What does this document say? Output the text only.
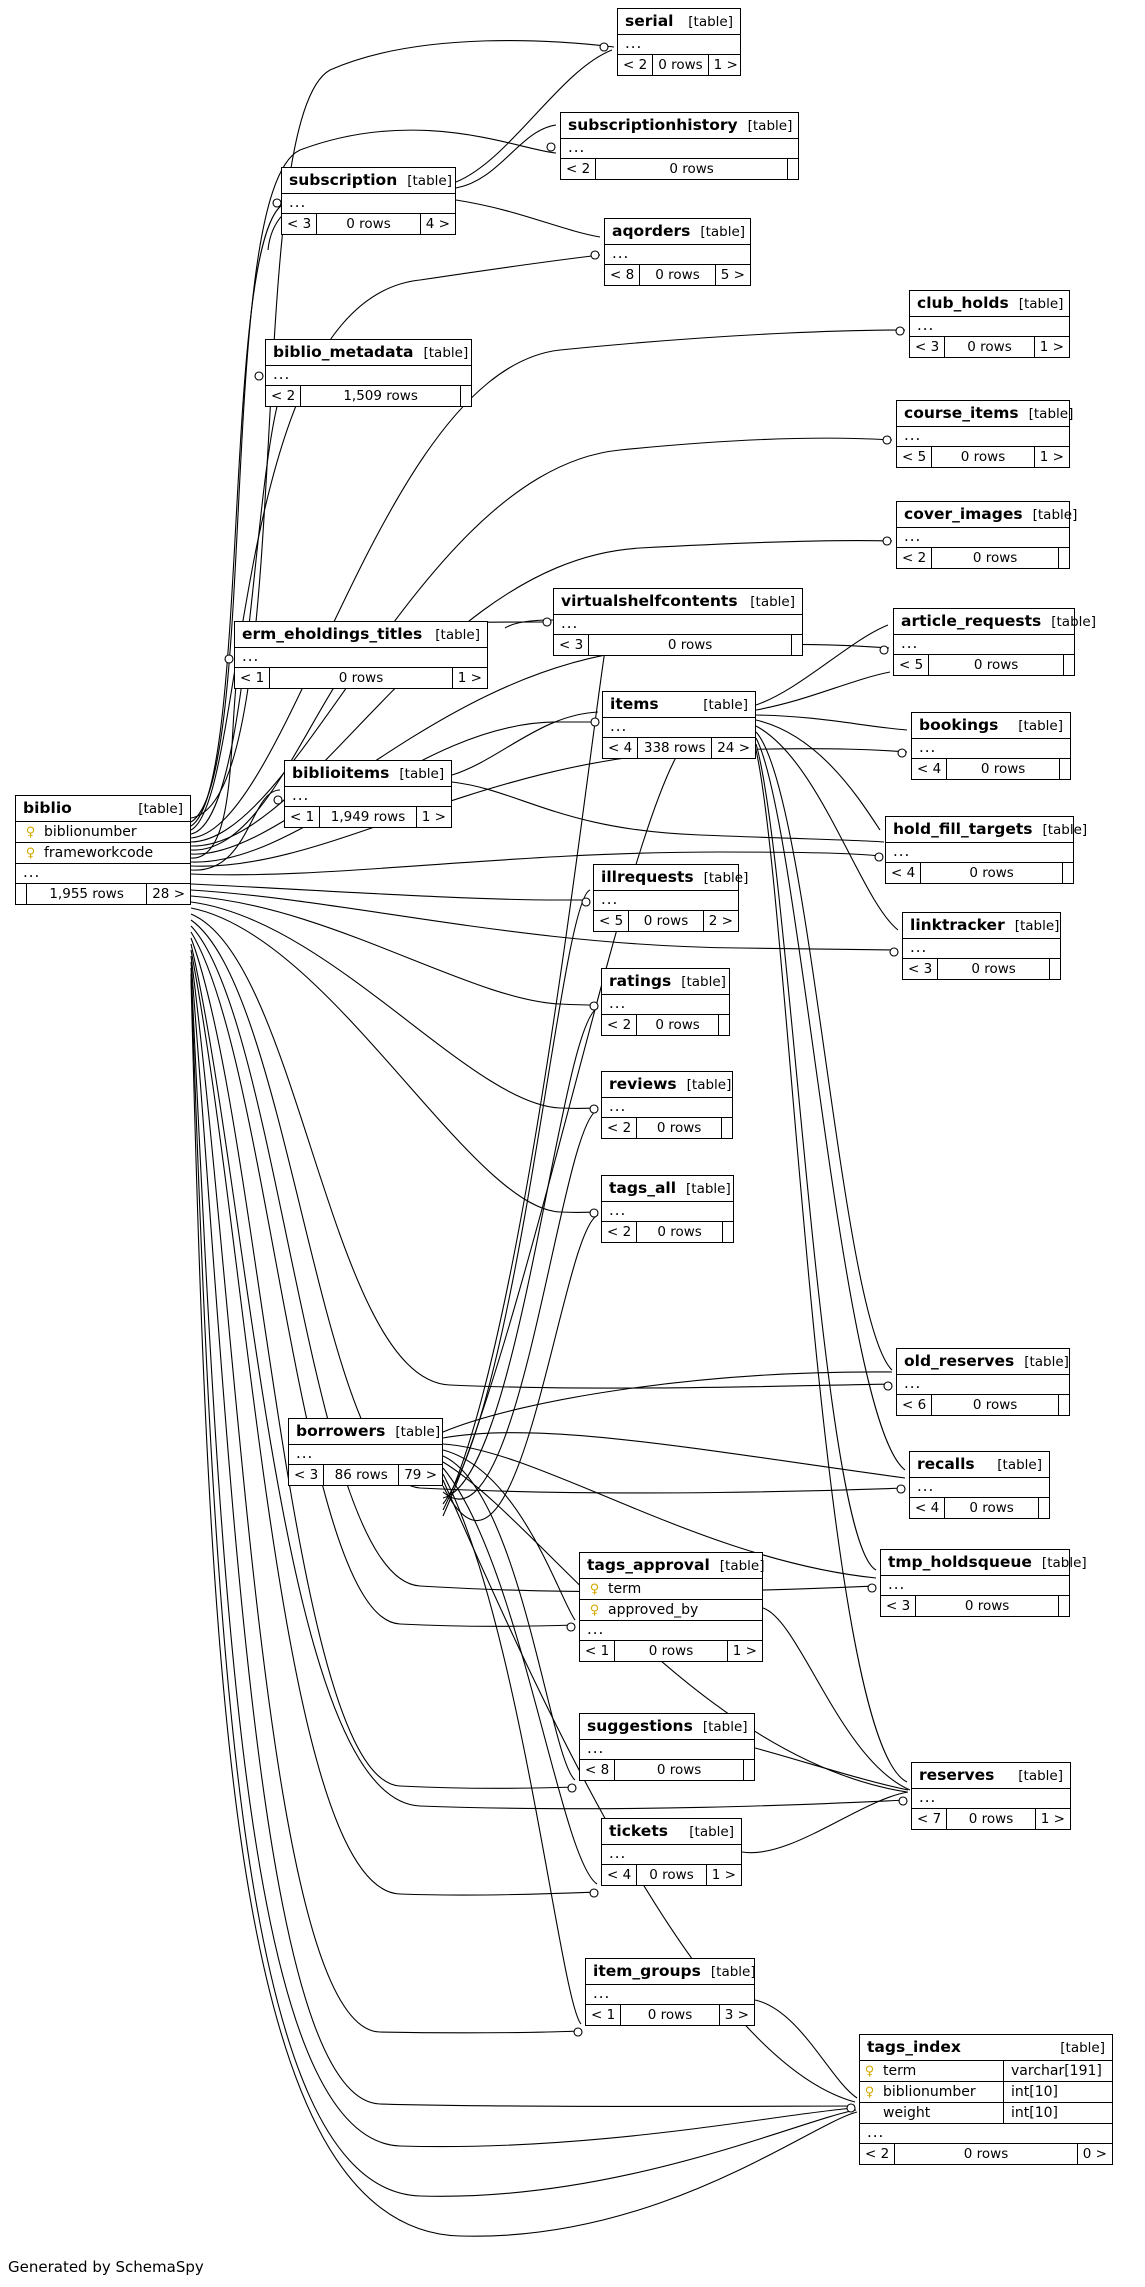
serial	[table]
...
< 2 0 rows 1 >
subscriptionhistory [table]
...
< 2	0 rows
subscription [table]
...
< 3	0 rows	4 >	aqorders [table]
...
< 8	0 rows	5 >
club_holds [table]
...
< 3	0 rows	1 >
biblio_metadata [table]
...
< 2	1,509 rows
course_items [table]
...
< 5	0 rows	1 >
cover_images [table]
...
< 2	0 rows
virtualshelfcontents [table]
...
< 3	0 rows
article_requests [table]
...
< 5	0 rows
erm_eholdings_titles [table]
...
< 1	0 rows	1 >
items	[table]
...
< 4 338 rows 24 >
bookings	[table]
...
< 4	0 rows
biblioitems [table]
...
< 1	1,949 rows	1 >
hold_fill_targets [table]
...
< 4	0 rows
biblio	[table]
♀ biblionumber
♀ frameworkcode
...
1,955 rows	28 >
illrequests [table]
...
< 5	0 rows	2 >	linktracker [table]
...
< 3	0 rows
ratings [table]
...
< 2	0 rows
reviews [table]
...
< 2	0 rows
tags_all [table]
...
< 2	0 rows
old_reserves [table]
...
< 6	0 rows
borrowers [table]
...
< 3	86 rows	79 >
recalls	[table]
...
< 4	0 rows
tmp_holdsqueue [table]
...
< 3	0 rows
tags_approval [table]
♀ term
♀ approved_by
...
< 1	0 rows	1 >
suggestions [table]
...
< 8	0 rows	reserves	[table]
...
< 7	0 rows	1 >
tickets	[table]
...
< 4	0 rows	1 >
item_groups [table]
...
< 1	0 rows	3 >
tags_index	[table]
♀ term	varchar[191]
♀ biblionumber	int[10]
weight	int[10]
...
< 2	0 rows	0 >
Generated by SchemaSpy
